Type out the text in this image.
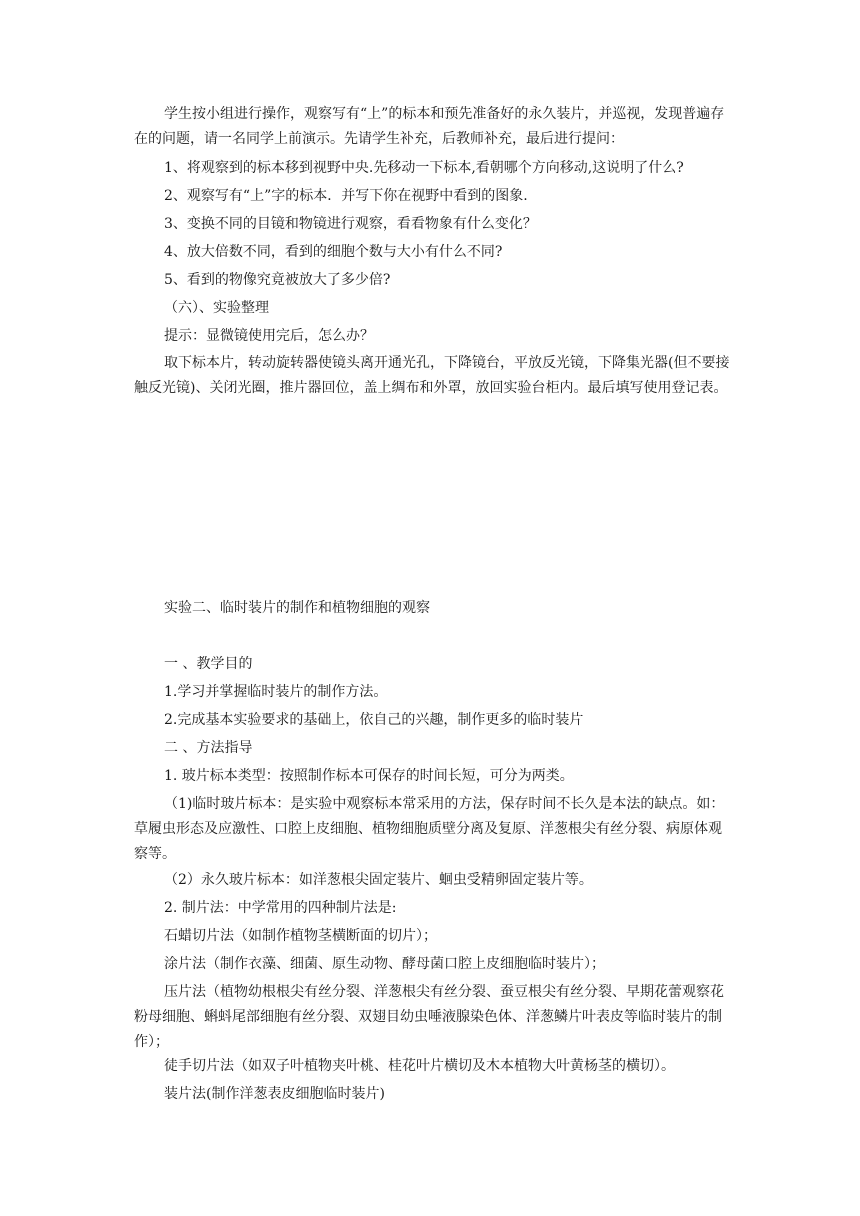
学生按小组进行操作，观察写有“上”的标本和预先准备好的永久装片，并巡视，发现普遍存在的问题，请一名同学上前演示。先请学生补充，后教师补充，最后进行提问：

1、将观察到的标本移到视野中央.先移动一下标本,看朝哪个方向移动,这说明了什么?

2、观察写有“上”字的标本．并写下你在视野中看到的图象.

3、变换不同的目镜和物镜进行观察，看看物象有什么变化？

4、放大倍数不同，看到的细胞个数与大小有什么不同?

5、看到的物像究竟被放大了多少倍?

（六）、实验整理

提示：显微镜使用完后，怎么办？

取下标本片，转动旋转器使镜头离开通光孔，下降镜台，平放反光镜，下降集光器(但不要接触反光镜)、关闭光圈，推片器回位，盖上绸布和外罩，放回实验台柜内。最后填写使用登记表。

实验二、临时装片的制作和植物细胞的观察

一 、教学目的

1.学习并掌握临时装片的制作方法。

2.完成基本实验要求的基础上，依自己的兴趣，制作更多的临时装片

二 、方法指导

1. 玻片标本类型：按照制作标本可保存的时间长短，可分为两类。

（1)临时玻片标本：是实验中观察标本常采用的方法，保存时间不长久是本法的缺点。如：草履虫形态及应激性、口腔上皮细胞、植物细胞质壁分离及复原、洋葱根尖有丝分裂、病原体观察等。

（2）永久玻片标本：如洋葱根尖固定装片、蛔虫受精卵固定装片等。

2. 制片法：中学常用的四种制片法是:

石蜡切片法（如制作植物茎横断面的切片）；

涂片法（制作衣藻、细菌、原生动物、酵母菌口腔上皮细胞临时装片）；

压片法（植物幼根根尖有丝分裂、洋葱根尖有丝分裂、蚕豆根尖有丝分裂、早期花蕾观察花粉母细胞、蝌蚪尾部细胞有丝分裂、双翅目幼虫唾液腺染色体、洋葱鳞片叶表皮等临时装片的制作）；

徒手切片法（如双子叶植物夹叶桃、桂花叶片横切及木本植物大叶黄杨茎的横切）。

装片法(制作洋葱表皮细胞临时装片)
